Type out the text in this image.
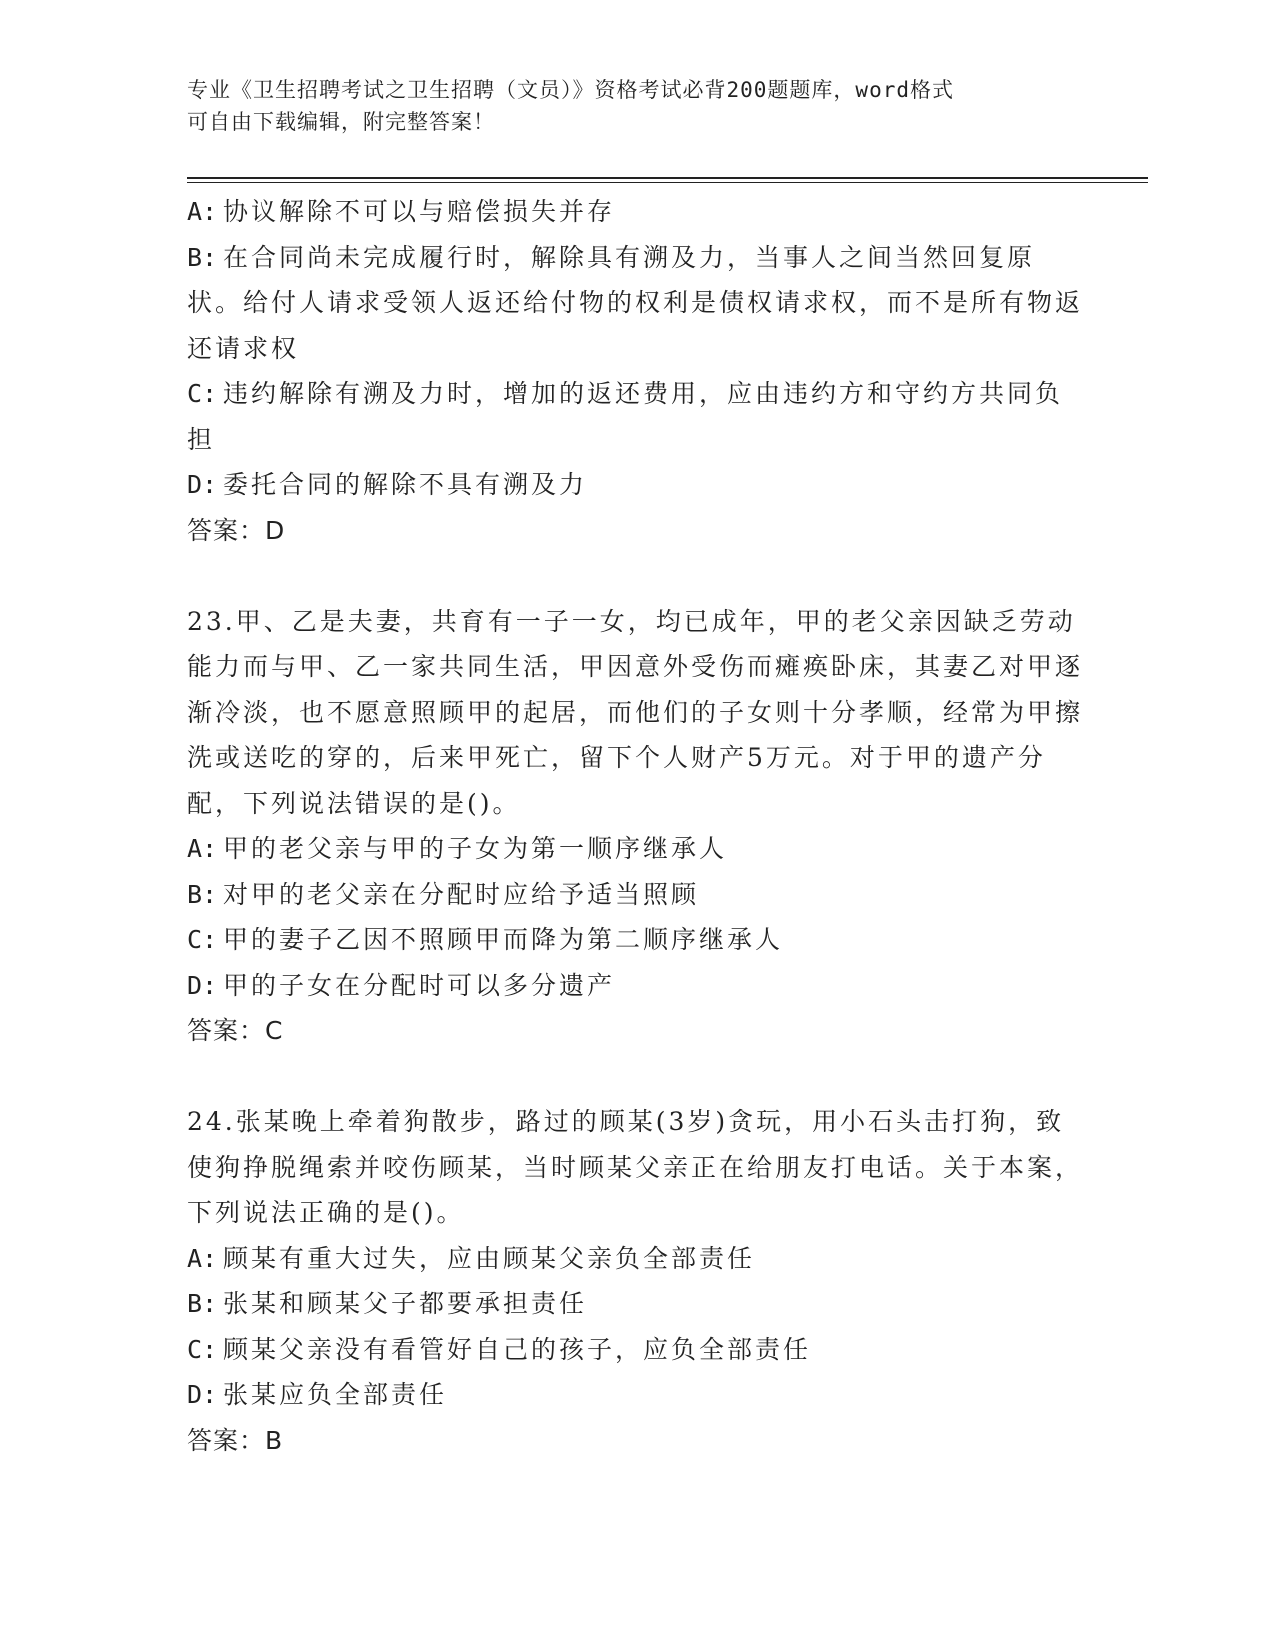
专业《卫生招聘考试之卫生招聘（文员）》资格考试必背200题题库，word格式
可自由下载编辑，附完整答案！
A: 协议解除不可以与赔偿损失并存
B: 在合同尚未完成履行时，解除具有溯及力，当事人之间当然回复原状。给付人请求受领人返还给付物的权利是债权请求权，而不是所有物返还请求权
C: 违约解除有溯及力时，增加的返还费用，应由违约方和守约方共同负担
D: 委托合同的解除不具有溯及力
答案：D
23.甲、乙是夫妻，共育有一子一女，均已成年，甲的老父亲因缺乏劳动能力而与甲、乙一家共同生活，甲因意外受伤而瘫痪卧床，其妻乙对甲逐渐冷淡，也不愿意照顾甲的起居，而他们的子女则十分孝顺，经常为甲擦洗或送吃的穿的，后来甲死亡，留下个人财产5万元。对于甲的遗产分配，下列说法错误的是()。
A: 甲的老父亲与甲的子女为第一顺序继承人
B: 对甲的老父亲在分配时应给予适当照顾
C: 甲的妻子乙因不照顾甲而降为第二顺序继承人
D: 甲的子女在分配时可以多分遗产
答案：C
24.张某晚上牵着狗散步，路过的顾某(3岁)贪玩，用小石头击打狗，致使狗挣脱绳索并咬伤顾某，当时顾某父亲正在给朋友打电话。关于本案，下列说法正确的是()。
A: 顾某有重大过失，应由顾某父亲负全部责任
B: 张某和顾某父子都要承担责任
C: 顾某父亲没有看管好自己的孩子，应负全部责任
D: 张某应负全部责任
答案：B
